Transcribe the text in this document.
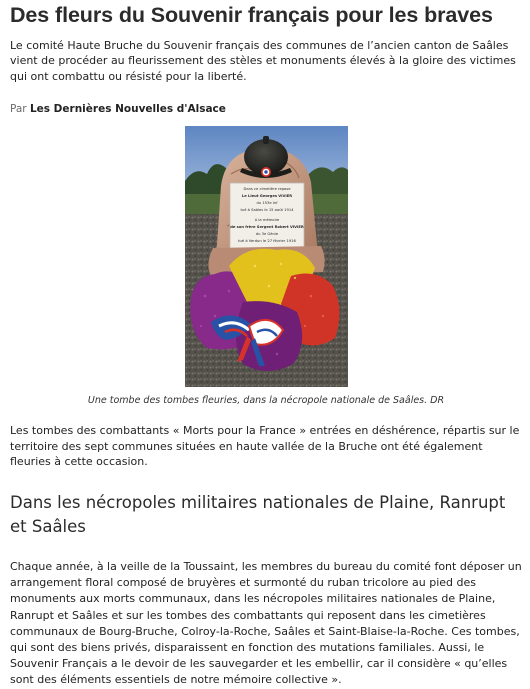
Des fleurs du Souvenir français pour les braves

Le comité Haute Bruche du Souvenir français des communes de l’ancien canton de Saâles vient de procéder au fleurissement des stèles et monuments élevés à la gloire des victimes qui ont combattu ou résisté pour la liberté.

Par Les Dernières Nouvelles d'Alsace

Dans ce cimetière repose
Le Lieut Georges VIVIER
du 153e Inf
tué à Saâles le 15 août 1914
A la mémoire
de son frère Sergent Robert VIVIER
du 3e Génie
tué à Verdun le 27 février 1916
Une tombe des tombes fleuries, dans la nécropole nationale de Saâles. DR

Les tombes des combattants « Morts pour la France » entrées en déshérence, répartis sur le territoire des sept communes situées en haute vallée de la Bruche ont été également fleuries à cette occasion.

Dans les nécropoles militaires nationales de Plaine, Ranrupt et Saâles

Chaque année, à la veille de la Toussaint, les membres du bureau du comité font déposer un arrangement floral composé de bruyères et surmonté du ruban tricolore au pied des monuments aux morts communaux, dans les nécropoles militaires nationales de Plaine, Ranrupt et Saâles et sur les tombes des combattants qui reposent dans les cimetières communaux de Bourg-Bruche, Colroy-la-Roche, Saâles et Saint-Blaise-la-Roche. Ces tombes, qui sont des biens privés, disparaissent en fonction des mutations familiales. Aussi, le Souvenir Français a le devoir de les sauvegarder et les embellir, car il considère « qu’elles sont des éléments essentiels de notre mémoire collective ».
